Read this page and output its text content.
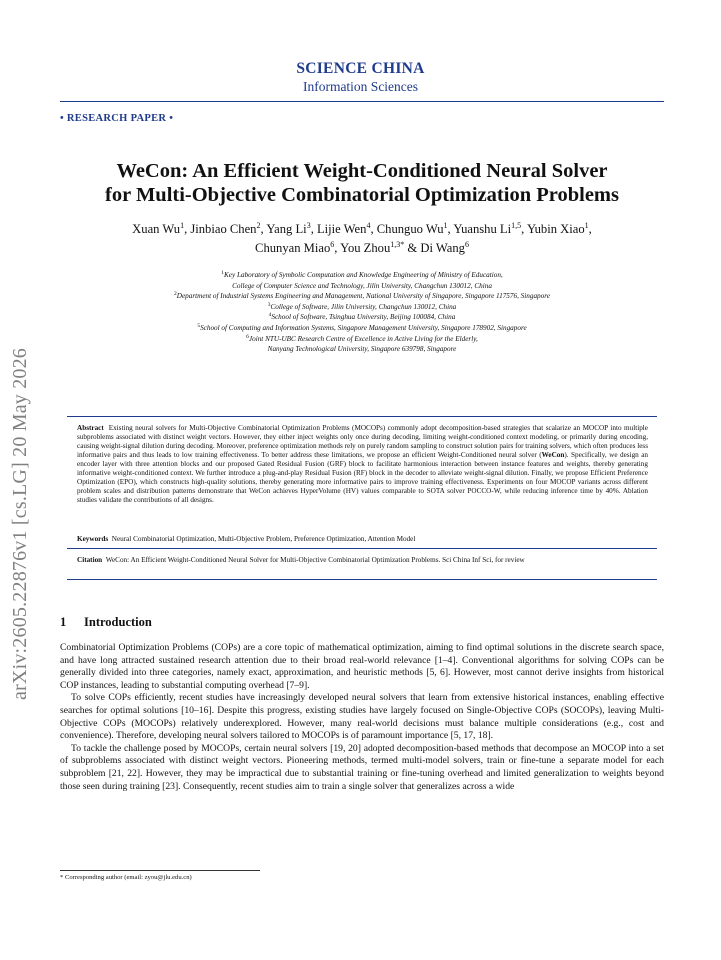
arXiv:2605.22876v1 [cs.LG] 20 May 2026
SCIENCE CHINA
Information Sciences
• RESEARCH PAPER •
WeCon: An Efficient Weight-Conditioned Neural Solver
for Multi-Objective Combinatorial Optimization Problems
Xuan Wu$^1$, Jinbiao Chen$^2$, Yang Li$^3$, Lijie Wen$^4$, Chunguo Wu$^1$, Yuanshu Li$^{1,5}$, Yubin Xiao$^1$,
Chunyan Miao$^6$, You Zhou$^{1,3*}$ & Di Wang$^6$
$^1$Key Laboratory of Symbolic Computation and Knowledge Engineering of Ministry of Education,
College of Computer Science and Technology, Jilin University, Changchun 130012, China
$^2$Department of Industrial Systems Engineering and Management, National University of Singapore, Singapore 117576, Singapore
$^3$College of Software, Jilin University, Changchun 130012, China
$^4$School of Software, Tsinghua University, Beijing 100084, China
$^5$School of Computing and Information Systems, Singapore Management University, Singapore 178902, Singapore
$^6$Joint NTU-UBC Research Centre of Excellence in Active Living for the Elderly,
Nanyang Technological University, Singapore 639798, Singapore
Abstract Existing neural solvers for Multi-Objective Combinatorial Optimization Problems (MOCOPs) commonly adopt decomposition-based strategies that scalarize an MOCOP into multiple subproblems associated with distinct weight vectors. However, they either inject weights only once during decoding, limiting weight-conditioned context modeling, or primarily during encoding, causing weight-signal dilution during decoding. Moreover, preference optimization methods rely on purely random sampling to construct solution pairs for training solvers, which often produces less informative pairs and thus leads to low training effectiveness. To better address these limitations, we propose an efficient Weight-Conditioned neural solver (WeCon). Specifically, we design an encoder layer with three attention blocks and our proposed Gated Residual Fusion (GRF) block to facilitate harmonious interaction between instance features and weights, thereby generating informative weight-conditioned context. We further introduce a plug-and-play Residual Fusion (RF) block in the decoder to alleviate weight-signal dilution. Finally, we propose Efficient Preference Optimization (EPO), which constructs high-quality solutions, thereby generating more informative pairs to improve training effectiveness. Experiments on four MOCOP variants across different problem scales and distribution patterns demonstrate that WeCon achieves HyperVolume (HV) values comparable to SOTA solver POCCO-W, while reducing inference time by 40%. Ablation studies validate the contributions of all designs.
Keywords Neural Combinatorial Optimization, Multi-Objective Problem, Preference Optimization, Attention Model
Citation WeCon: An Efficient Weight-Conditioned Neural Solver for Multi-Objective Combinatorial Optimization Problems. Sci China Inf Sci, for review
1 Introduction

Combinatorial Optimization Problems (COPs) are a core topic of mathematical optimization, aiming to find optimal solutions in the discrete search space, and have long attracted sustained research attention due to their broad real-world relevance [1–4]. Conventional algorithms for solving COPs can be generally divided into three categories, namely exact, approximation, and heuristic methods [5, 6]. However, most cannot derive insights from historical COP instances, leading to substantial computing overhead [7–9].

To solve COPs efficiently, recent studies have increasingly developed neural solvers that learn from extensive historical instances, enabling effective searches for optimal solutions [10–16]. Despite this progress, existing studies have largely focused on Single-Objective COPs (SOCOPs), leaving Multi-Objective COPs (MOCOPs) relatively underexplored. However, many real-world decisions must balance multiple considerations (e.g., cost and convenience). Therefore, developing neural solvers tailored to MOCOPs is of paramount importance [5, 17, 18].

To tackle the challenge posed by MOCOPs, certain neural solvers [19, 20] adopted decomposition-based methods that decompose an MOCOP into a set of subproblems associated with distinct weight vectors. Pioneering methods, termed multi-model solvers, train or fine-tune a separate model for each subproblem [21, 22]. However, they may be impractical due to substantial training or fine-tuning overhead and limited generalization to weights beyond those seen during training [23]. Consequently, recent studies aim to train a single solver that generalizes across a wide

* Corresponding author (email: zyou@jlu.edu.cn)
